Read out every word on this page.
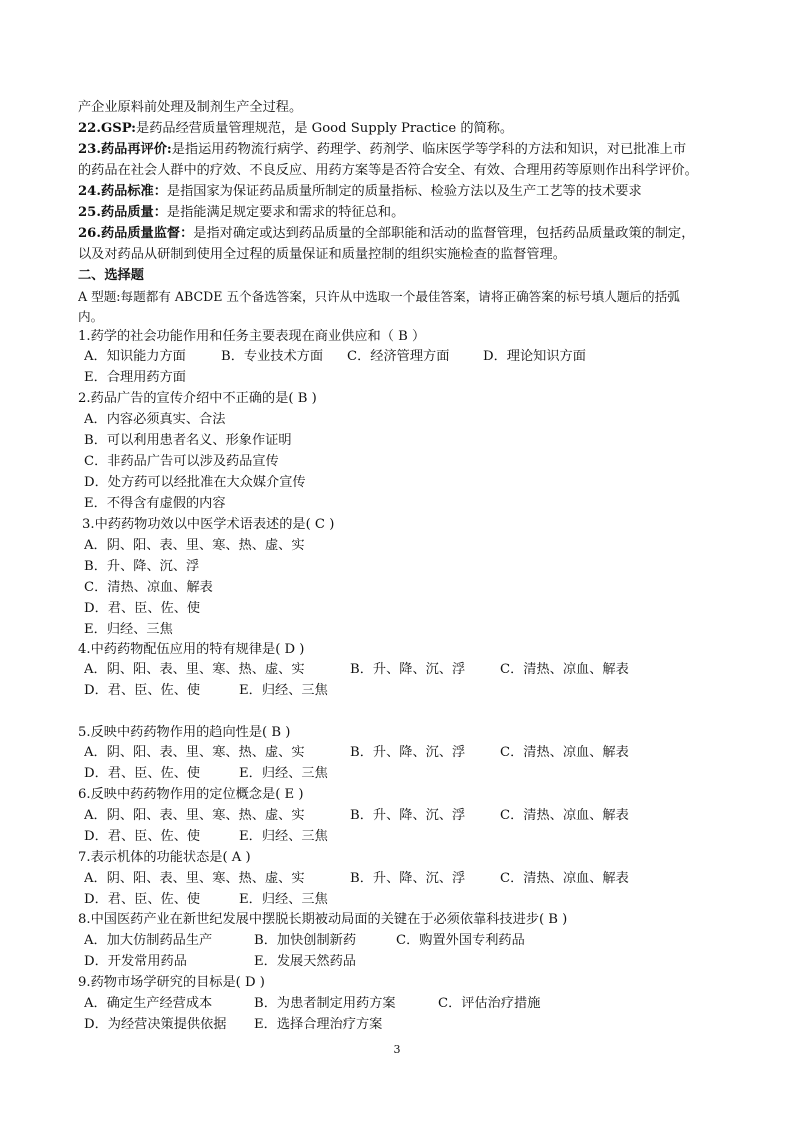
产企业原料前处理及制剂生产全过程。
22.GSP:是药品经营质量管理规范，是 Good Supply Practice 的简称。
23.药品再评价:是指运用药物流行病学、药理学、药剂学、临床医学等学科的方法和知识，对已批准上市
的药品在社会人群中的疗效、不良反应、用药方案等是否符合安全、有效、合理用药等原则作出科学评价。
24.药品标准：是指国家为保证药品质量所制定的质量指标、检验方法以及生产工艺等的技术要求
25.药品质量：是指能满足规定要求和需求的特征总和。
26.药品质量监督：是指对确定或达到药品质量的全部职能和活动的监督管理，包括药品质量政策的制定，
以及对药品从研制到使用全过程的质量保证和质量控制的组织实施检查的监督管理。
二、选择题
A 型题:每题都有 ABCDE 五个备选答案，只许从中选取一个最佳答案，请将正确答案的标号填人题后的括弧
内。
1.药学的社会功能作用和任务主要表现在商业供应和（ B ）
A．知识能力方面	B．专业技术方面 C．经济管理方面	D．理论知识方面
E．合理用药方面
2.药品广告的宣传介绍中不正确的是( B )
A．内容必须真实、合法
B．可以利用患者名义、形象作证明
C．非药品广告可以涉及药品宣传
D．处方药可以经批准在大众媒介宣传
E．不得含有虚假的内容
3.中药药物功效以中医学术语表述的是( C )
A．阴、阳、表、里、寒、热、虚、实
B．升、降、沉、浮
C．清热、凉血、解表
D．君、臣、佐、使
E．归经、三焦
4.中药药物配伍应用的特有规律是( D )
A．阴、阳、表、里、寒、热、虚、实	B．升、降、沉、浮	C．清热、凉血、解表
D．君、臣、佐、使	E．归经、三焦
5.反映中药药物作用的趋向性是( B )
A．阴、阳、表、里、寒、热、虚、实	B．升、降、沉、浮	C．清热、凉血、解表
D．君、臣、佐、使	E．归经、三焦
6.反映中药药物作用的定位概念是( E )
A．阴、阳、表、里、寒、热、虚、实	B．升、降、沉、浮	C．清热、凉血、解表
D．君、臣、佐、使	E．归经、三焦
7.表示机体的功能状态是( A )
A．阴、阳、表、里、寒、热、虚、实	B．升、降、沉、浮	C．清热、凉血、解表
D．君、臣、佐、使	E．归经、三焦
8.中国医药产业在新世纪发展中摆脱长期被动局面的关键在于必须依靠科技进步( B )
A．加大仿制药品生产	B．加快创制新药	C．购置外国专利药品
D．开发常用药品	E．发展天然药品
9.药物市场学研究的目标是( D )
A．确定生产经营成本	B．为患者制定用药方案	C．评估治疗措施
D．为经营决策提供依据 E．选择合理治疗方案
3
